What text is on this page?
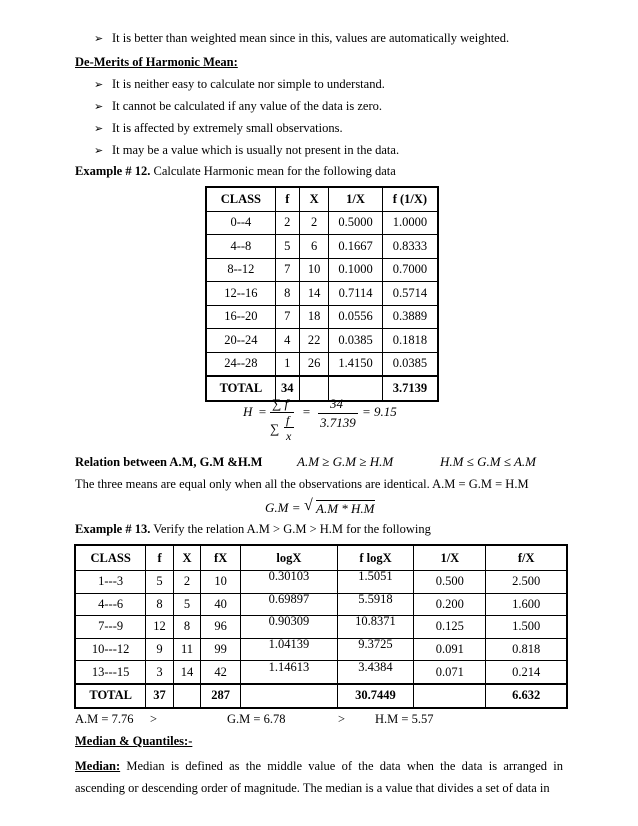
➢ It is better than weighted mean since in this, values are automatically weighted.
De-Merits of Harmonic Mean:
➢ It is neither easy to calculate nor simple to understand.
➢ It cannot be calculated if any value of the data is zero.
➢ It is affected by extremely small observations.
➢ It may be a value which is usually not present in the data.
Example # 12. Calculate Harmonic mean for the following data
CLASS	f	X	1/X	f (1/X)
0--4	2	2	0.5000	1.0000
4--8	5	6	0.1667	0.8333
8--12	7	10	0.1000	0.7000
12--16	8	14	0.7114	0.5714
16--20	7	18	0.0556	0.3889
20--24	4	22	0.0385	0.1818
24--28	1	26	1.4150	0.0385
TOTAL	34			3.7139
H =
∑ f
∑
f
x
=
34
3.7139
= 9.15
Relation between A.M, G.M &H.M	A.M ≥ G.M ≥ H.M	H.M ≤ G.M ≤ A.M
The three means are equal only when all the observations are identical. A.M = G.M = H.M
G.M = √ A.M * H.M
Example # 13. Verify the relation A.M > G.M > H.M for the following
CLASS	f	X	fX	logX	f logX	1/X	f/X
1---3	5	2	10	0.30103	1.5051	0.500	2.500
4---6	8	5	40	0.69897	5.5918	0.200	1.600
7---9	12	8	96	0.90309	10.8371	0.125	1.500
10---12	9	11	99	1.04139	9.3725	0.091	0.818
13---15	3	14	42	1.14613	3.4384	0.071	0.214
TOTAL	37		287		30.7449		6.632
A.M = 7.76 >	G.M = 6.78	> H.M = 5.57
Median & Quantiles:-
Median: Median is defined as the middle value of the data when the data is arranged in ascending or descending order of magnitude. The median is a value that divides a set of data in
